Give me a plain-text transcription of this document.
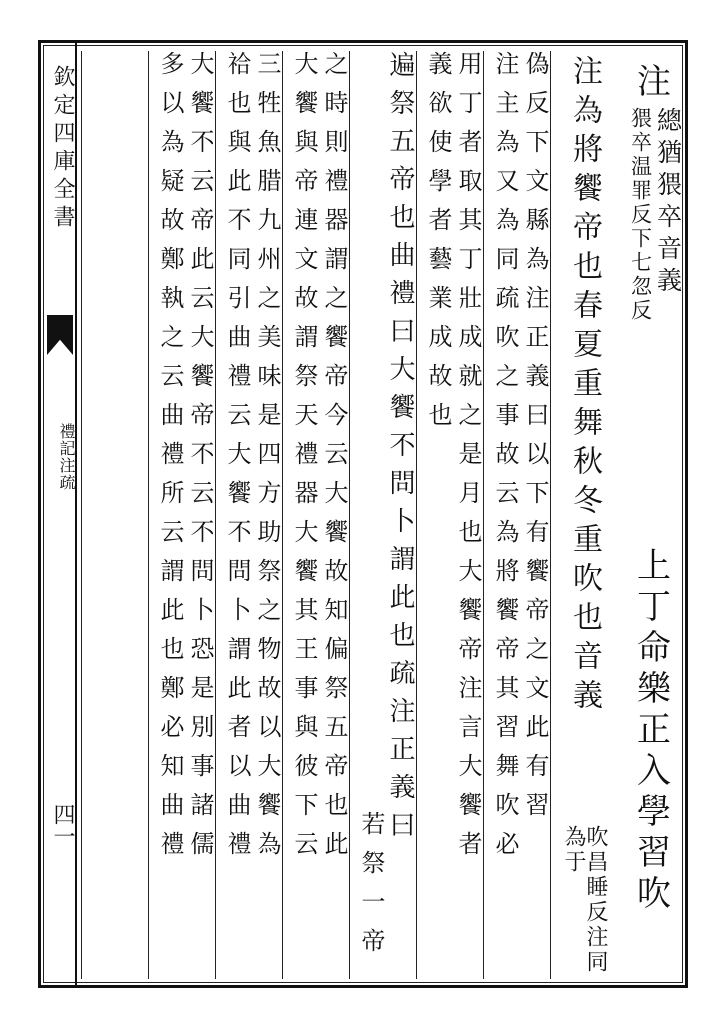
注
總猶猥卒音義
猥卒温罪反下七忽反
上丁命樂正入學習吹
注為將饗帝也春夏重舞秋冬重吹也音義
吹昌睡反注同為于
偽反下文縣為注正義曰以下有饗帝之文此有習
注主為又為同疏吹之事故云為將饗帝其習舞吹必
用丁者取其丁壯成就之是月也大饗帝注言大饗者
義欲使學者藝業成故也
遍祭五帝也曲禮曰大饗不問卜謂此也疏注正義曰
若祭一帝
之時則禮器謂之饗帝今云大饗故知偏祭五帝也此
大饗與帝連文故謂祭天禮器大饗其王事與彼下云
三牲魚腊九州之美味是四方助祭之物故以大饗為
祫也與此不同引曲禮云大饗不問卜謂此者以曲禮
大饗不云帝此云大饗帝不云不問卜恐是別事諸儒
多以為疑故鄭執之云曲禮所云謂此也鄭必知曲禮
欽定四庫全書
禮記注疏
四一
